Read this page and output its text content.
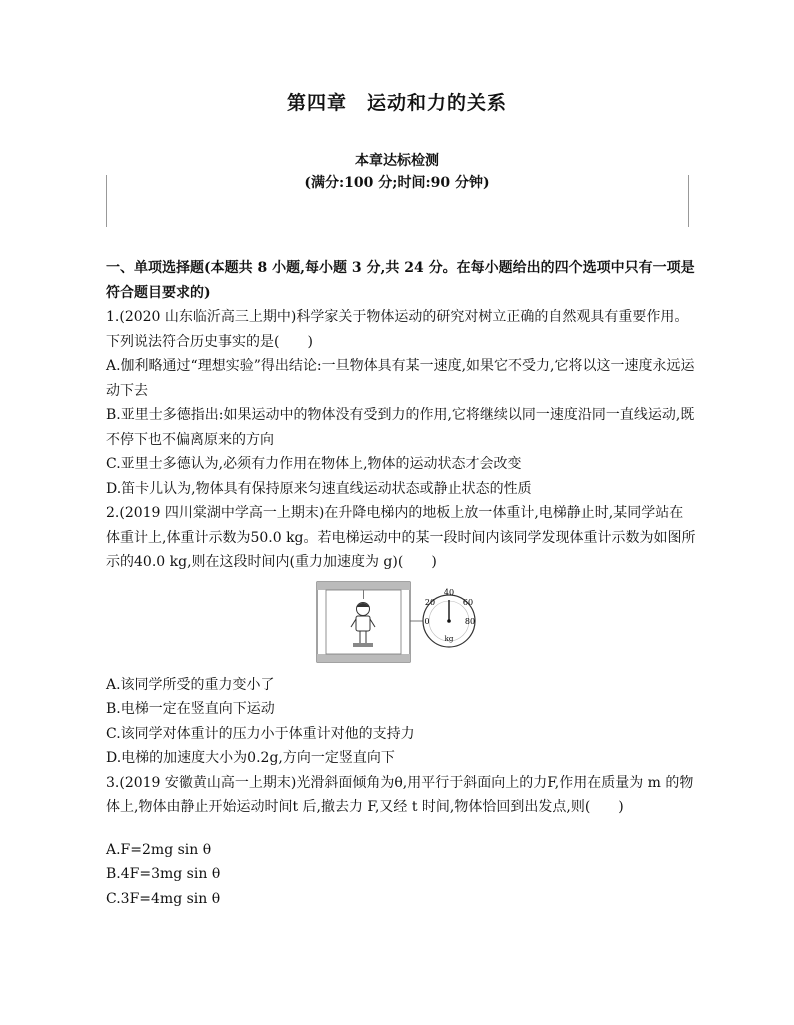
第四章　运动和力的关系
本章达标检测
(满分:100 分;时间:90 分钟)

一、单项选择题(本题共 8 小题,每小题 3 分,共 24 分。在每小题给出的四个选项中只有一项是符合题目要求的)

1.(2020 山东临沂高三上期中)科学家关于物体运动的研究对树立正确的自然观具有重要作用。下列说法符合历史事实的是(　　)

A.伽利略通过“理想实验”得出结论:一旦物体具有某一速度,如果它不受力,它将以这一速度永远运动下去

B.亚里士多德指出:如果运动中的物体没有受到力的作用,它将继续以同一速度沿同一直线运动,既不停下也不偏离原来的方向

C.亚里士多德认为,必须有力作用在物体上,物体的运动状态才会改变

D.笛卡儿认为,物体具有保持原来匀速直线运动状态或静止状态的性质

2.(2019 四川棠湖中学高一上期末)在升降电梯内的地板上放一体重计,电梯静止时,某同学站在体重计上,体重计示数为50.0 kg。若电梯运动中的某一段时间内该同学发现体重计示数为如图所示的40.0 kg,则在这段时间内(重力加速度为 g)(　　)

40
20	60
0	80
kg

A.该同学所受的重力变小了

B.电梯一定在竖直向下运动

C.该同学对体重计的压力小于体重计对他的支持力

D.电梯的加速度大小为0.2g,方向一定竖直向下

3.(2019 安徽黄山高一上期末)光滑斜面倾角为θ,用平行于斜面向上的力F,作用在质量为 m 的物体上,物体由静止开始运动时间t 后,撤去力 F,又经 t 时间,物体恰回到出发点,则(　　)

A.F=2mg sin θ

B.4F=3mg sin θ

C.3F=4mg sin θ
